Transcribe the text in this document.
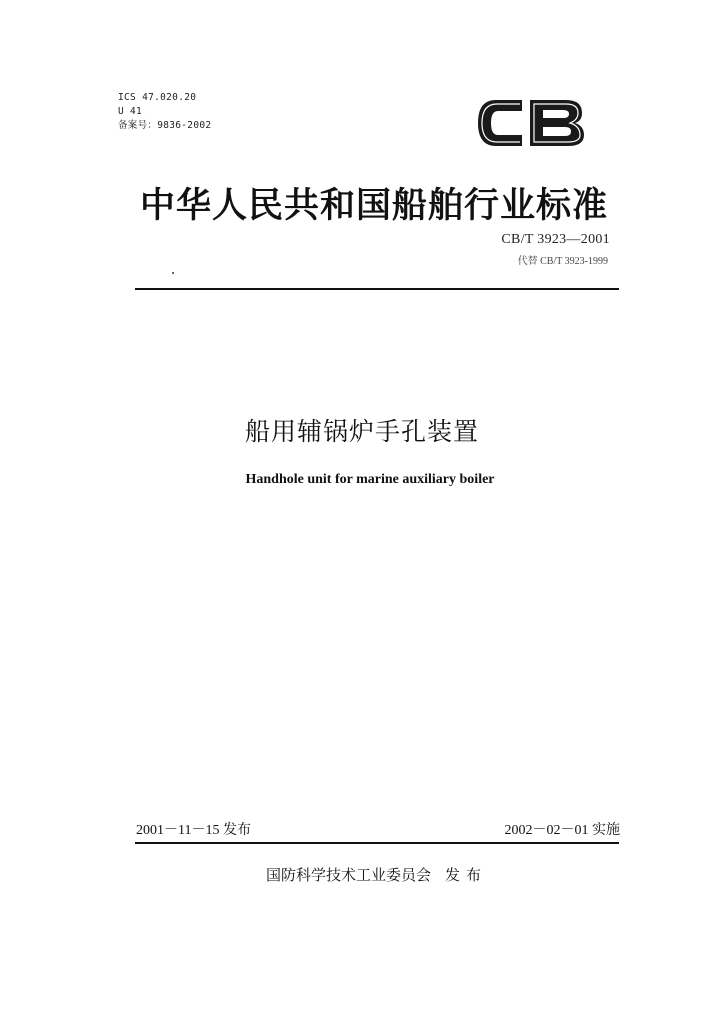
ICS 47.020.20
U 41
备案号：9836-2002
中华人民共和国船舶行业标准
CB/T 3923—2001
代替 CB/T 3923-1999
船用辅锅炉手孔装置
Handhole unit for marine auxiliary boiler
2001－11－15 发布	2002－02－01 实施
国防科学技术工业委员会 发布
